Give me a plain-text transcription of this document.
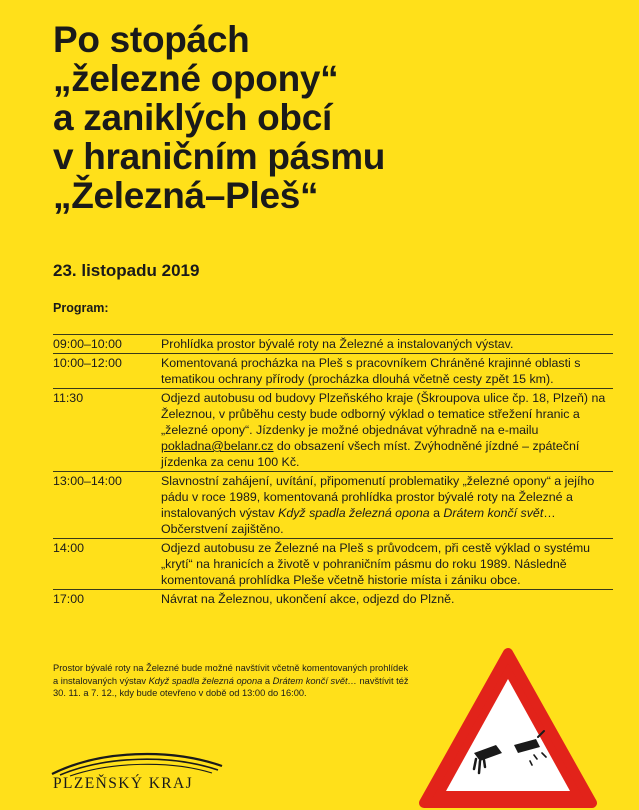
Po stopách
„železné opony“
a zaniklých obcí
v hraničním pásmu
„Železná–Pleš“
23. listopadu 2019
Program:
09:00–10:00	Prohlídka prostor bývalé roty na Železné a instalovaných výstav.
10:00–12:00	Komentovaná procházka na Pleš s pracovníkem Chráněné krajinné oblasti s tematikou ochrany přírody (procházka dlouhá včetně cesty zpět 15 km).
11:30	Odjezd autobusu od budovy Plzeňského kraje (Škroupova ulice čp. 18, Plzeň) na Železnou, v průběhu cesty bude odborný výklad o tematice střežení hranic a „železné opony“. Jízdenky je možné objednávat výhradně na e-mailu pokladna@belanr.cz do obsazení všech míst. Zvýhodněné jízdné – zpáteční jízdenka za cenu 100 Kč.
13:00–14:00	Slavnostní zahájení, uvítání, připomenutí problematiky „železné opony“ a jejího pádu v roce 1989, komentovaná prohlídka prostor bývalé roty na Železné a instalovaných výstav Když spadla železná opona a Drátem končí svět… Občerstvení zajištěno.
14:00	Odjezd autobusu ze Železné na Pleš s průvodcem, při cestě výklad o systému „krytí“ na hranicích a životě v pohraničním pásmu do roku 1989. Následně komentovaná prohlídka Pleše včetně historie místa i zániku obce.
17:00	Návrat na Železnou, ukončení akce, odjezd do Plzně.
Prostor bývalé roty na Železné bude možné navštívit včetně komentovaných prohlídek a instalovaných výstav Když spadla železná opona a Drátem končí svět… navštívit též 30. 11. a 7. 12., kdy bude otevřeno v době od 13:00 do 16:00.
PLZEŇSKÝ KRAJ
